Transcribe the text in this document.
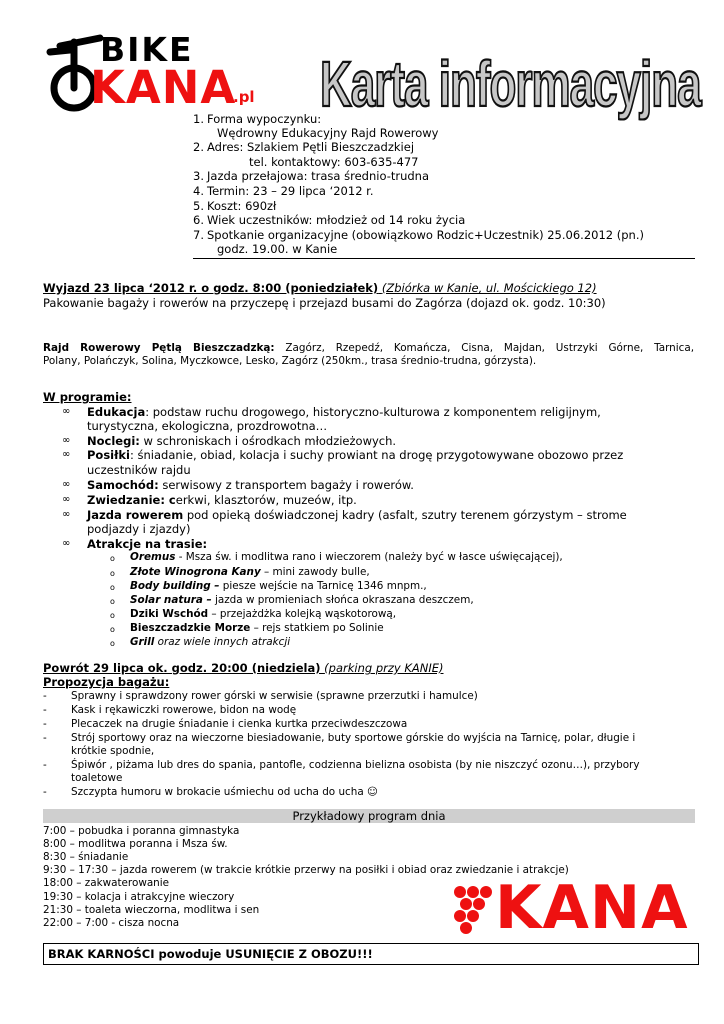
BIKE
KANA
.pl Karta informacyjna
1. Forma wypoczynku:
Wędrowny Edukacyjny Rajd Rowerowy
2. Adres: Szlakiem Pętli Bieszczadzkiej
tel. kontaktowy: 603-635-477
3. Jazda przełajowa: trasa średnio-trudna
4. Termin: 23 – 29 lipca ‘2012 r.
5. Koszt: 690zł
6. Wiek uczestników: młodzież od 14 roku życia
7. Spotkanie organizacyjne (obowiązkowo Rodzic+Uczestnik) 25.06.2012 (pn.)
godz. 19.00. w Kanie
Wyjazd 23 lipca ‘2012 r. o godz. 8:00 (poniedziałek) (Zbiórka w Kanie, ul. Mościckiego 12)
Pakowanie bagaży i rowerów na przyczepę i przejazd busami do Zagórza (dojazd ok. godz. 10:30)
Rajd Rowerowy Pętlą Bieszczadzką: Zagórz, Rzepedź, Komańcza, Cisna, Majdan, Ustrzyki Górne, Tarnica,
Polany, Polańczyk, Solina, Myczkowce, Lesko, Zagórz (250km., trasa średnio-trudna, górzysta).
W programie:
∞ Edukacja: podstaw ruchu drogowego, historyczno-kulturowa z komponentem religijnym,
turystyczna, ekologiczna, prozdrowotna…
∞ Noclegi: w schroniskach i ośrodkach młodzieżowych.
∞ Posiłki: śniadanie, obiad, kolacja i suchy prowiant na drogę przygotowywane obozowo przez
uczestników rajdu
∞ Samochód: serwisowy z transportem bagaży i rowerów.
∞ Zwiedzanie: cerkwi, klasztorów, muzeów, itp.
∞ Jazda rowerem pod opieką doświadczonej kadry (asfalt, szutry terenem górzystym – strome
podjazdy i zjazdy)
∞ Atrakcje na trasie:
o Oremus - Msza św. i modlitwa rano i wieczorem (należy być w łasce uświęcającej),
o Złote Winogrona Kany – mini zawody bulle,
o Body building – piesze wejście na Tarnicę 1346 mnpm.,
o Solar natura – jazda w promieniach słońca okraszana deszczem,
o Dziki Wschód – przejażdżka kolejką wąskotorową,
o Bieszczadzkie Morze – rejs statkiem po Solinie
o Grill oraz wiele innych atrakcji
Powrót 29 lipca ok. godz. 20:00 (niedziela) (parking przy KANIE)
Propozycja bagażu:
- Sprawny i sprawdzony rower górski w serwisie (sprawne przerzutki i hamulce)
- Kask i rękawiczki rowerowe, bidon na wodę
- Plecaczek na drugie śniadanie i cienka kurtka przeciwdeszczowa
- Strój sportowy oraz na wieczorne biesiadowanie, buty sportowe górskie do wyjścia na Tarnicę, polar, długie i
krótkie spodnie,
- Śpiwór , piżama lub dres do spania, pantofle, codzienna bielizna osobista (by nie niszczyć ozonu…), przybory
toaletowe
- Szczypta humoru w brokacie uśmiechu od ucha do ucha ☺
Przykładowy program dnia
7:00 – pobudka i poranna gimnastyka
8:00 – modlitwa poranna i Msza św.
8:30 – śniadanie
9:30 – 17:30 – jazda rowerem (w trakcie krótkie przerwy na posiłki i obiad oraz zwiedzanie i atrakcje)
18:00 – zakwaterowanie
19:30 – kolacja i atrakcyjne wieczory
21:30 – toaleta wieczorna, modlitwa i sen
22:00 – 7:00 - cisza nocna	KANA
BRAK KARNOŚCI powoduje USUNIĘCIE Z OBOZU!!!
